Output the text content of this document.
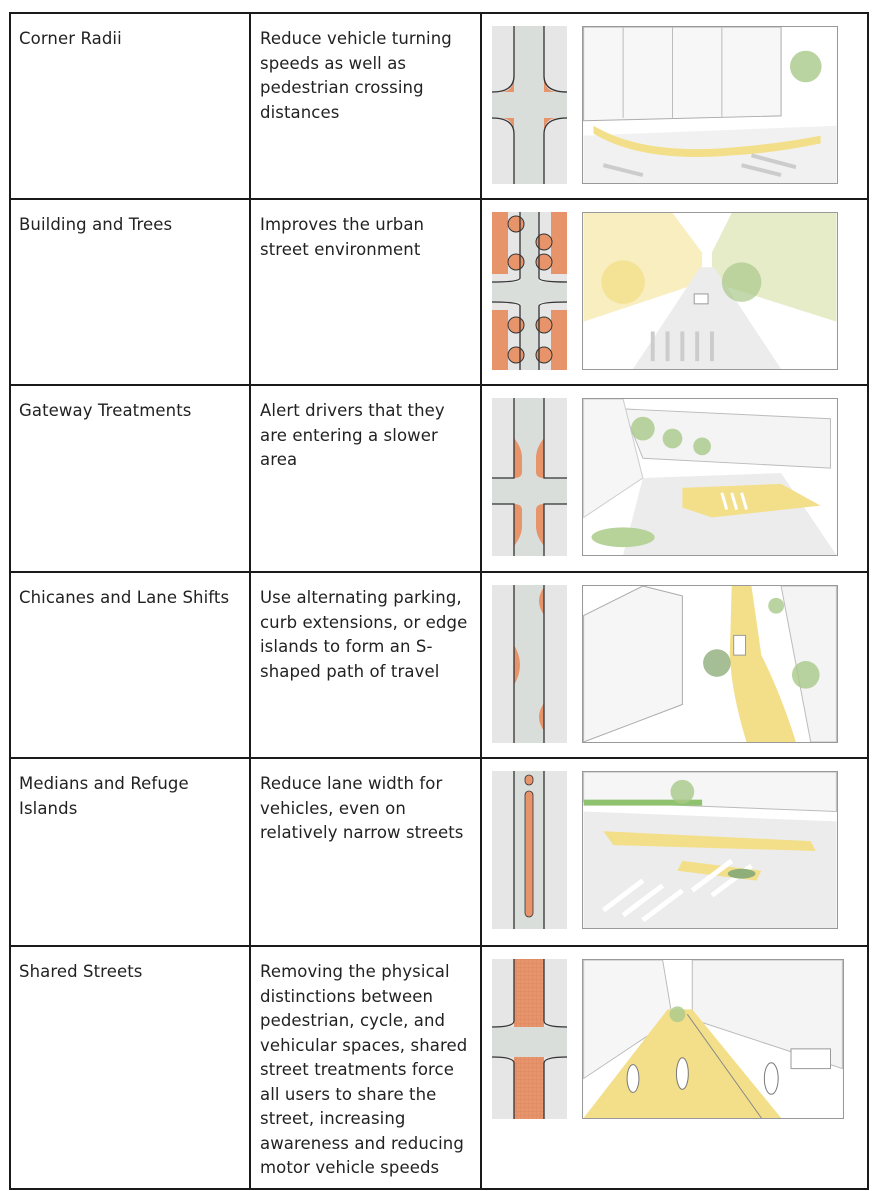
Corner Radii	Reduce vehicle turning speeds as well as pedestrian crossing distances

Building and Trees	Improves the urban street environment

Gateway Treatments	Alert drivers that they are entering a slower area

Chicanes and Lane Shifts	Use alternating parking, curb extensions, or edge islands to form an S-shaped path of travel

Medians and Refuge Islands	Reduce lane width for vehicles, even on relatively narrow streets

Shared Streets	Removing the physical distinctions between pedestrian, cycle, and vehicular spaces, shared street treatments force all users to share the street, increasing awareness and reducing motor vehicle speeds
